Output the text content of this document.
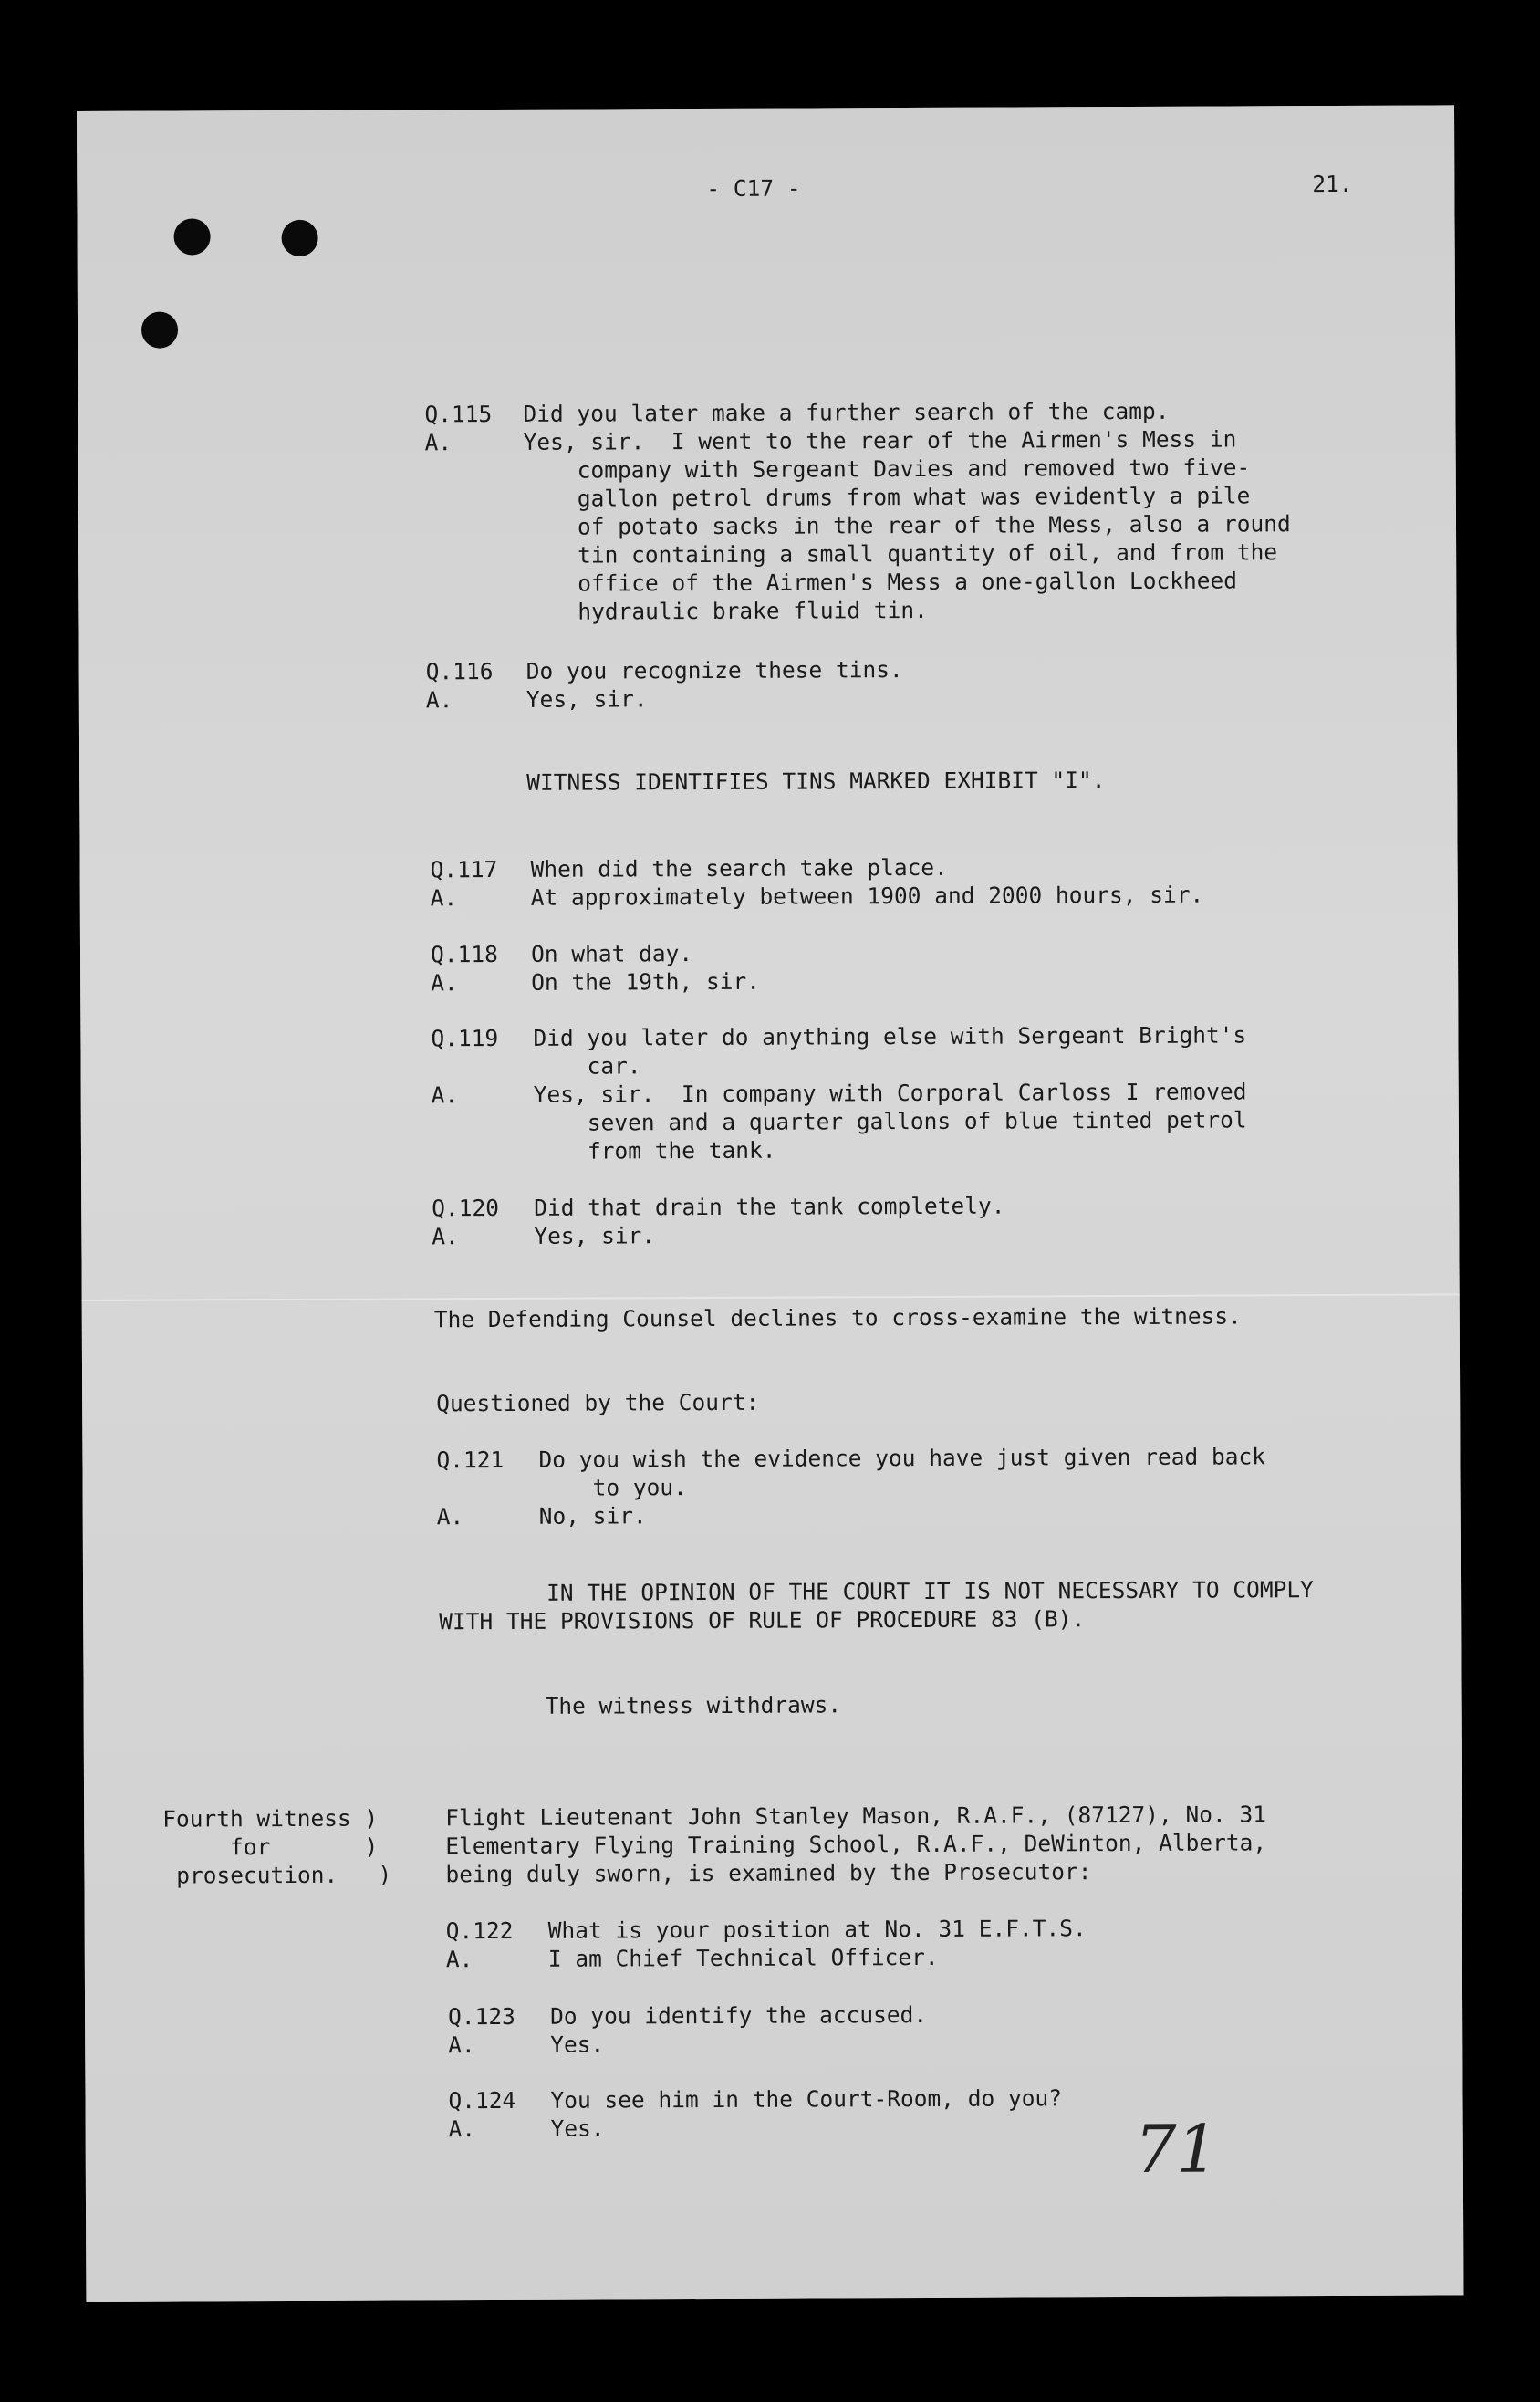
- C17 -	21.
Q.115 Did you later make a further search of the camp.
A.	Yes, sir.  I went to the rear of the Airmen's Mess in
company with Sergeant Davies and removed two five-
gallon petrol drums from what was evidently a pile
of potato sacks in the rear of the Mess, also a round
tin containing a small quantity of oil, and from the
office of the Airmen's Mess a one-gallon Lockheed
hydraulic brake fluid tin.
Q.116 Do you recognize these tins.
A.	Yes, sir.
WITNESS IDENTIFIES TINS MARKED EXHIBIT "I".
Q.117 When did the search take place.
A.	At approximately between 1900 and 2000 hours, sir.
Q.118 On what day.
A.	On the 19th, sir.
Q.119 Did you later do anything else with Sergeant Bright's
car.
A.	Yes, sir.  In company with Corporal Carloss I removed
seven and a quarter gallons of blue tinted petrol
from the tank.
Q.120 Did that drain the tank completely.
A.	Yes, sir.
The Defending Counsel declines to cross-examine the witness.
Questioned by the Court:
Q.121 Do you wish the evidence you have just given read back
to you.
A.	No, sir.
IN THE OPINION OF THE COURT IT IS NOT NECESSARY TO COMPLY
WITH THE PROVISIONS OF RULE OF PROCEDURE 83 (B).
The witness withdraws.
Fourth witness )
for       )
prosecution.   )
Flight Lieutenant John Stanley Mason, R.A.F., (87127), No. 31
Elementary Flying Training School, R.A.F., DeWinton, Alberta,
being duly sworn, is examined by the Prosecutor:
Q.122 What is your position at No. 31 E.F.T.S.
A.	I am Chief Technical Officer.
Q.123 Do you identify the accused.
A.	Yes.
Q.124 You see him in the Court-Room, do you?
A.	Yes.	71
